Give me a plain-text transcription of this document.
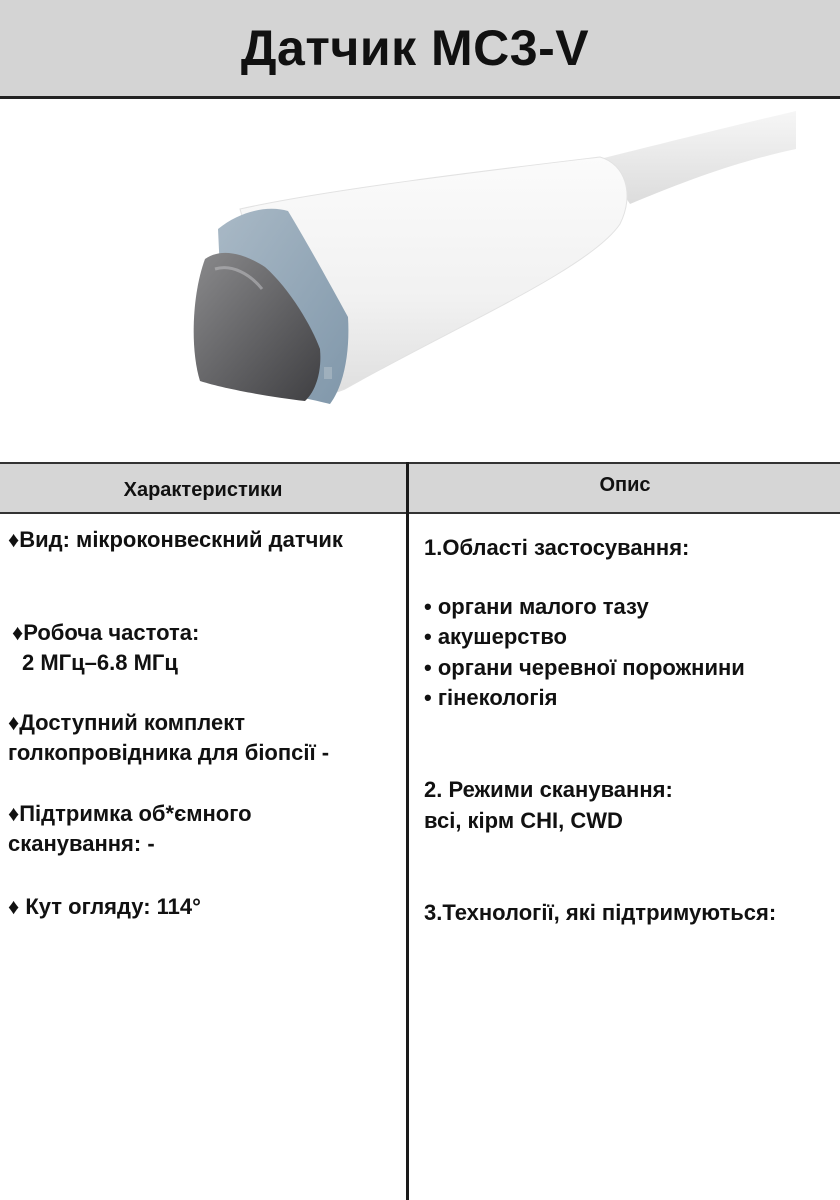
Датчик MC3-V
Характеристики	Опис
♦Вид: мікроконвескний датчик
♦Робоча частота:
2 МГц–6.8 МГц
♦Доступний комплект
голкопровідника для біопсії -
♦Підтримка об*ємного
сканування: -
♦ Кут огляду: 114°
1.Області застосування:
• органи малого тазу
• акушерство
• органи черевної порожнини
• гінекологія
2. Режими сканування:
всі, кірм CHI, CWD
3.Технології, які підтримуються:
